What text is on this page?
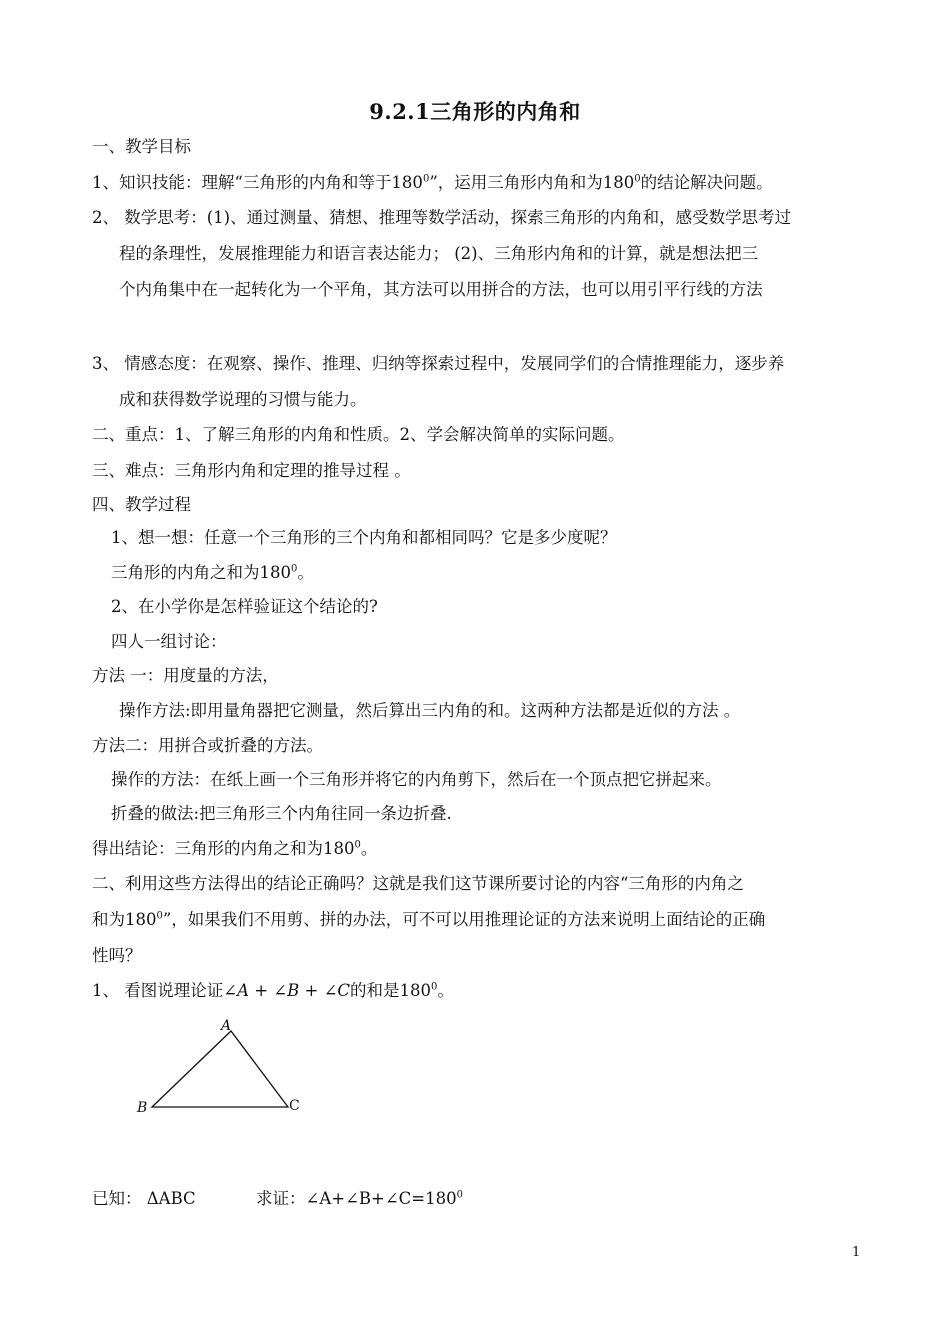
9.2.1三角形的内角和
一、教学目标
1、知识技能：理解“三角形的内角和等于$180^0$”，运用三角形内角和为$180^0$的结论解决问题。
2、 数学思考：(1)、通过测量、猜想、推理等数学活动，探索三角形的内角和，感受数学思考过
程的条理性，发展推理能力和语言表达能力； (2)、三角形内角和的计算，就是想法把三
个内角集中在一起转化为一个平角，其方法可以用拼合的方法，也可以用引平行线的方法
3、 情感态度：在观察、操作、推理、归纳等探索过程中，发展同学们的合情推理能力，逐步养
成和获得数学说理的习惯与能力。
二、重点：1、了解三角形的内角和性质。2、学会解决简单的实际问题。
三、难点：三角形内角和定理的推导过程 。
四、教学过程
1、想一想：任意一个三角形的三个内角和都相同吗？它是多少度呢？
三角形的内角之和为$180^0$。
2、在小学你是怎样验证这个结论的?
四人一组讨论：
方法 一：用度量的方法，
操作方法:即用量角器把它测量，然后算出三内角的和。这两种方法都是近似的方法 。
方法二：用拼合或折叠的方法。
操作的方法：在纸上画一个三角形并将它的内角剪下，然后在一个顶点把它拼起来。
折叠的做法:把三角形三个内角往同一条边折叠.
得出结论：三角形的内角之和为$180^0$。
二、利用这些方法得出的结论正确吗？这就是我们这节课所要讨论的内容“三角形的内角之
和为$180^0$”，如果我们不用剪、拼的办法，可不可以用推理论证的方法来说明上面结论的正确
性吗？
1、 看图说理论证∠A + ∠B + ∠C的和是$180^0$。
A
B	C
已知： ΔABC	求证：$\angle A+\angle B+\angle C=180^0$
1
